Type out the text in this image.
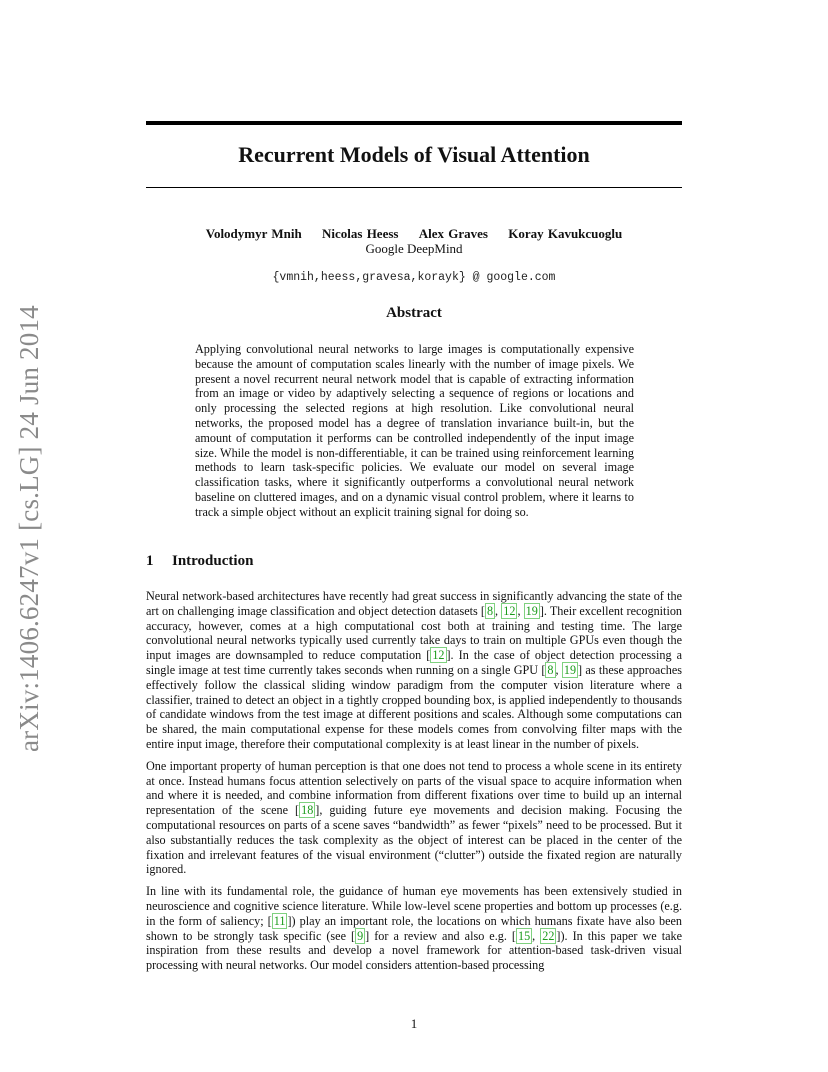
arXiv:1406.6247v1 [cs.LG] 24 Jun 2014
Recurrent Models of Visual Attention
Volodymyr Mnih Nicolas Heess Alex Graves Koray Kavukcuoglu
Google DeepMind
{vmnih,heess,gravesa,korayk} @ google.com
Abstract

Applying convolutional neural networks to large images is computationally expensive because the amount of computation scales linearly with the number of image pixels. We present a novel recurrent neural network model that is capable of extracting information from an image or video by adaptively selecting a sequence of regions or locations and only processing the selected regions at high resolution. Like convolutional neural networks, the proposed model has a degree of translation invariance built-in, but the amount of computation it performs can be controlled independently of the input image size. While the model is non-differentiable, it can be trained using reinforcement learning methods to learn task-specific policies. We evaluate our model on several image classification tasks, where it significantly outperforms a convolutional neural network baseline on cluttered images, and on a dynamic visual control problem, where it learns to track a simple object without an explicit training signal for doing so.

1 Introduction

Neural network-based architectures have recently had great success in significantly advancing the state of the art on challenging image classification and object detection datasets [ 8 , 12 , 19 ]. Their excellent recognition accuracy, however, comes at a high computational cost both at training and testing time. The large convolutional neural networks typically used currently take days to train on multiple GPUs even though the input images are downsampled to reduce computation [ 12 ]. In the case of object detection processing a single image at test time currently takes seconds when running on a single GPU [ 8 , 19 ] as these approaches effectively follow the classical sliding window paradigm from the computer vision literature where a classifier, trained to detect an object in a tightly cropped bounding box, is applied independently to thousands of candidate windows from the test image at different positions and scales. Although some computations can be shared, the main computational expense for these models comes from convolving filter maps with the entire input image, therefore their computational complexity is at least linear in the number of pixels.

One important property of human perception is that one does not tend to process a whole scene in its entirety at once. Instead humans focus attention selectively on parts of the visual space to acquire information when and where it is needed, and combine information from different fixations over time to build up an internal representation of the scene [ 18 ], guiding future eye movements and decision making. Focusing the computational resources on parts of a scene saves “bandwidth” as fewer “pixels” need to be processed. But it also substantially reduces the task complexity as the object of interest can be placed in the center of the fixation and irrelevant features of the visual environment (“clutter”) outside the fixated region are naturally ignored.

In line with its fundamental role, the guidance of human eye movements has been extensively studied in neuroscience and cognitive science literature. While low-level scene properties and bottom up processes (e.g. in the form of saliency; [ 11 ]) play an important role, the locations on which humans fixate have also been shown to be strongly task specific (see [ 9 ] for a review and also e.g. [ 15 , 22 ]). In this paper we take inspiration from these results and develop a novel framework for attention-based task-driven visual processing with neural networks. Our model considers attention-based processing

1
